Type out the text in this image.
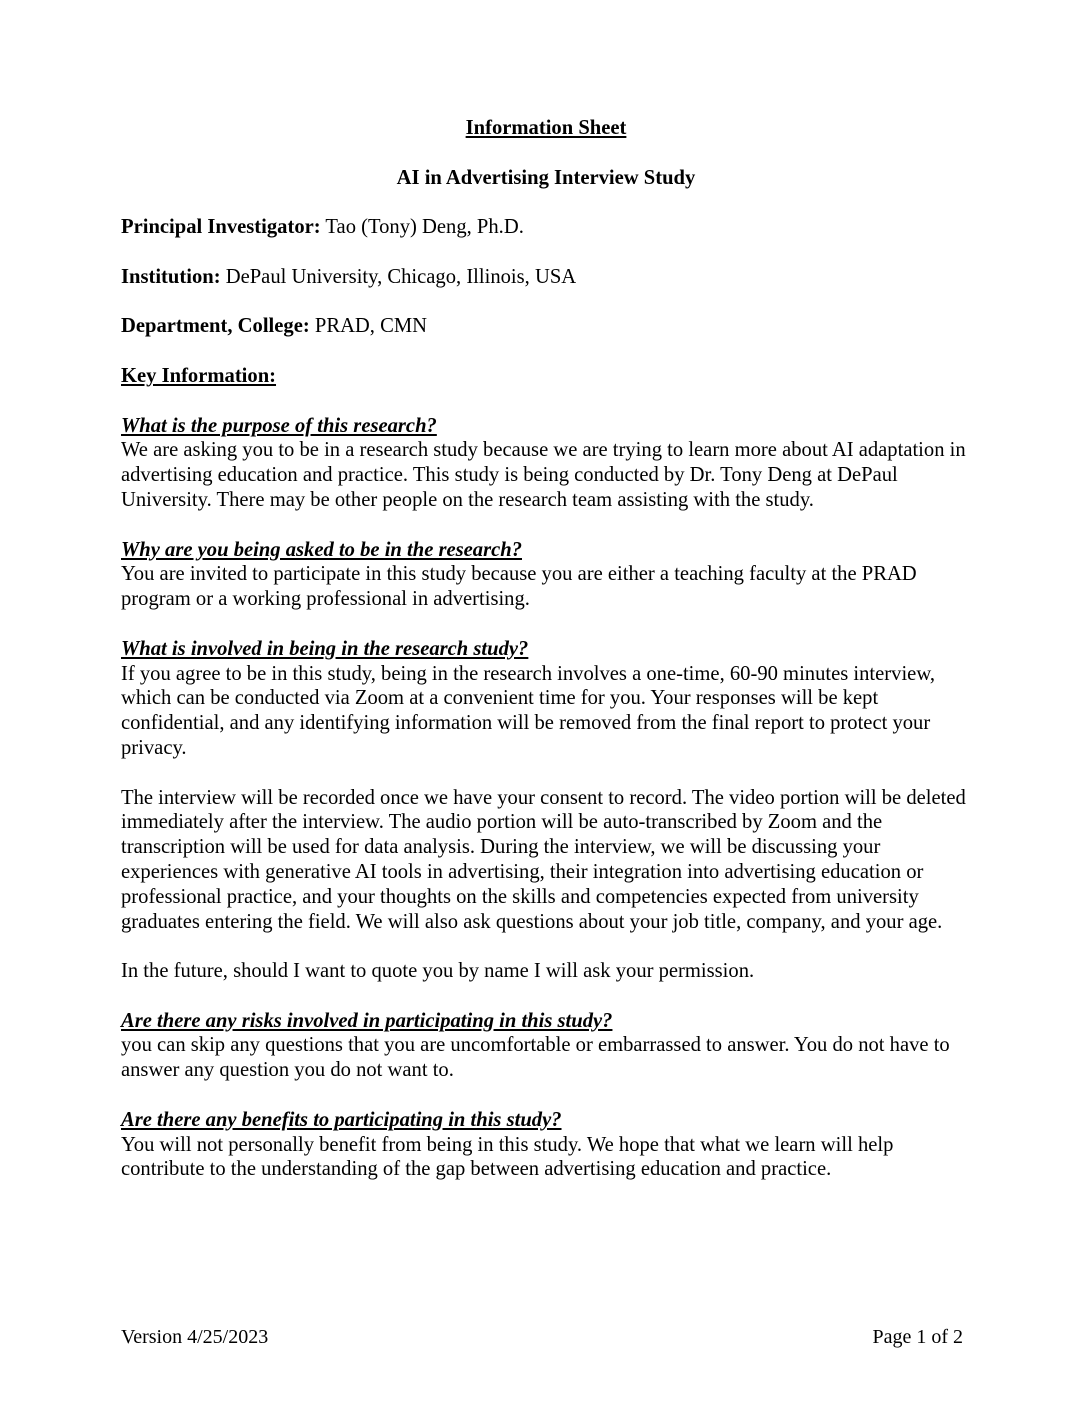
Information Sheet

AI in Advertising Interview Study

Principal Investigator: Tao (Tony) Deng, Ph.D.

Institution: DePaul University, Chicago, Illinois, USA

Department, College: PRAD, CMN

Key Information:

What is the purpose of this research?

We are asking you to be in a research study because we are trying to learn more about AI adaptation in advertising education and practice. This study is being conducted by Dr. Tony Deng at DePaul University. There may be other people on the research team assisting with the study.

Why are you being asked to be in the research?

You are invited to participate in this study because you are either a teaching faculty at the PRAD program or a working professional in advertising.

What is involved in being in the research study?

If you agree to be in this study, being in the research involves a one-time, 60-90 minutes interview, which can be conducted via Zoom at a convenient time for you. Your responses will be kept confidential, and any identifying information will be removed from the final report to protect your privacy.

The interview will be recorded once we have your consent to record. The video portion will be deleted immediately after the interview. The audio portion will be auto-transcribed by Zoom and the transcription will be used for data analysis. During the interview, we will be discussing your experiences with generative AI tools in advertising, their integration into advertising education or professional practice, and your thoughts on the skills and competencies expected from university graduates entering the field. We will also ask questions about your job title, company, and your age.

In the future, should I want to quote you by name I will ask your permission.

Are there any risks involved in participating in this study?

you can skip any questions that you are uncomfortable or embarrassed to answer. You do not have to answer any question you do not want to.

Are there any benefits to participating in this study?

You will not personally benefit from being in this study. We hope that what we learn will help contribute to the understanding of the gap between advertising education and practice.

Version 4/25/2023	Page 1 of 2
